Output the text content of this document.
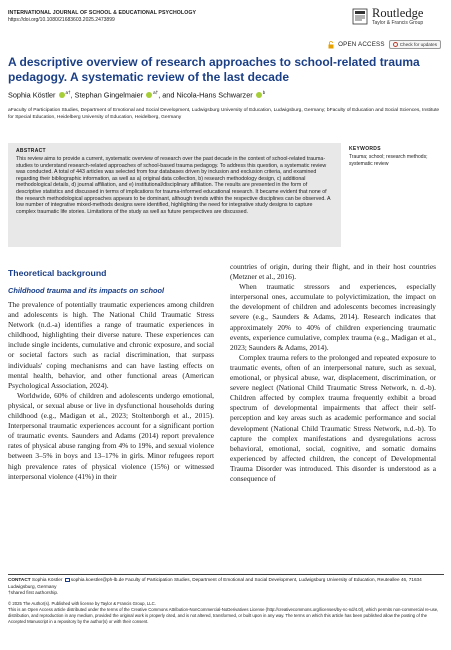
INTERNATIONAL JOURNAL OF SCHOOL & EDUCATIONAL PSYCHOLOGY
https://doi.org/10.1080/21683603.2025.2473899	Routledge
Taylor & Francis Group
OPEN ACCESS	Check for updates
A descriptive overview of research approaches to school-related trauma pedagogy. A systematic review of the last decade
Sophia Köstler $^{a\dagger}$, Stephan Gingelmaier $^{a\dagger}$, and Nicola-Hans Schwarzer $^b$
aFaculty of Participation Studies, Department of Emotional and Social Development, Ludwigsburg University of Education, Ludwigsburg, Germany; bFaculty of Education and Social Sciences, Institute for Special Education, Heidelberg University of Education, Heidelberg, Germany
ABSTRACT
This review aims to provide a current, systematic overview of research over the past decade in the context of school-related trauma-studies to understand research-related approaches of school-based trauma pedagogy. To address this question, a systematic review was conducted. A total of 443 articles was selected from four databases driven by inclusion and exclusion criteria, and examined regarding their bibliographic information, as well as a) original data collection, b) research methodology design, c) additional methodological details, d) journal affiliation, and e) institutional/disciplinary affiliation. The results are presented in the form of descriptive statistics and discussed in terms of implications for trauma-informed educational research. It became evident that none of the research methodological approaches appears to be dominant, although trends within the respective disciplines can be observed. A low number of integrative mixed-methods designs were identified, highlighting the need for integrative study designs to capture complex traumatic life stories. Limitations of the study as well as future perspectives are discussed.
KEYWORDS
Trauma; school; research methods; systematic review
Theoretical background
Childhood trauma and its impacts on school

The prevalence of potentially traumatic experiences among children and adolescents is high. The National Child Traumatic Stress Network (n.d.-a) identifies a range of traumatic experiences in childhood, highlighting their diverse nature. These experiences can include single incidents, cumulative and chronic exposure, and social or societal factors such as racial discrimination, that surpass individuals' coping mechanisms and can have lasting effects on mental health, behavior, and other functional areas (American Psychological Association, 2024).

Worldwide, 60% of children and adolescents undergo emotional, physical, or sexual abuse or live in dysfunctional households during childhood (e.g., Madigan et al., 2023; Stoltenborgh et al., 2015). Interpersonal traumatic experiences account for a significant portion of traumatic events. Saunders and Adams (2014) report prevalence rates of physical abuse ranging from 4% to 19%, and sexual violence between 3–5% in boys and 13–17% in girls. Minor refugees report high prevalence rates of physical violence (15%) or witnessed interpersonal violence (41%) in their

countries of origin, during their flight, and in their host countries (Metzner et al., 2016).

When traumatic stressors and experiences, especially interpersonal ones, accumulate to polyvictimization, the impact on the development of children and adolescents becomes increasingly severe (e.g., Saunders & Adams, 2014). Research indicates that approximately 20% to 40% of children experiencing traumatic events, experience cumulative, complex trauma (e.g., Madigan et al., 2023; Saunders & Adams, 2014).

Complex trauma refers to the prolonged and repeated exposure to traumatic events, often of an interpersonal nature, such as sexual, emotional, or physical abuse, war, displacement, discrimination, or severe neglect (National Child Traumatic Stress Network, n. d.-b). Children affected by complex trauma frequently exhibit a broad spectrum of developmental impairments that affect their self-perception and key areas such as academic performance and social development (National Child Traumatic Stress Network, n.d.-b). To capture the complex manifestations and dysregulations across behavioral, emotional, social, cognitive, and somatic domains experienced by affected children, the concept of Developmental Trauma Disorder was introduced. This disorder is understood as a consequence of

CONTACT Sophia Köstler sophia.koestler@ph-lb.de Faculty of Participation Studies, Department of Emotional and Social Development, Ludwigsburg University of Education, Reuteallee 46, 71634 Ludwigsburg, Germany
†shared first authorship.
© 2025 The Author(s). Published with license by Taylor & Francis Group, LLC.
This is an Open Access article distributed under the terms of the Creative Commons Attribution-NonCommercial-NoDerivatives License (http://creativecommons.org/licenses/by-nc-nd/4.0/), which permits non-commercial re-use, distribution, and reproduction in any medium, provided the original work is properly cited, and is not altered, transformed, or built upon in any way. The terms on which this article has been published allow the posting of the Accepted Manuscript in a repository by the author(s) or with their consent.
